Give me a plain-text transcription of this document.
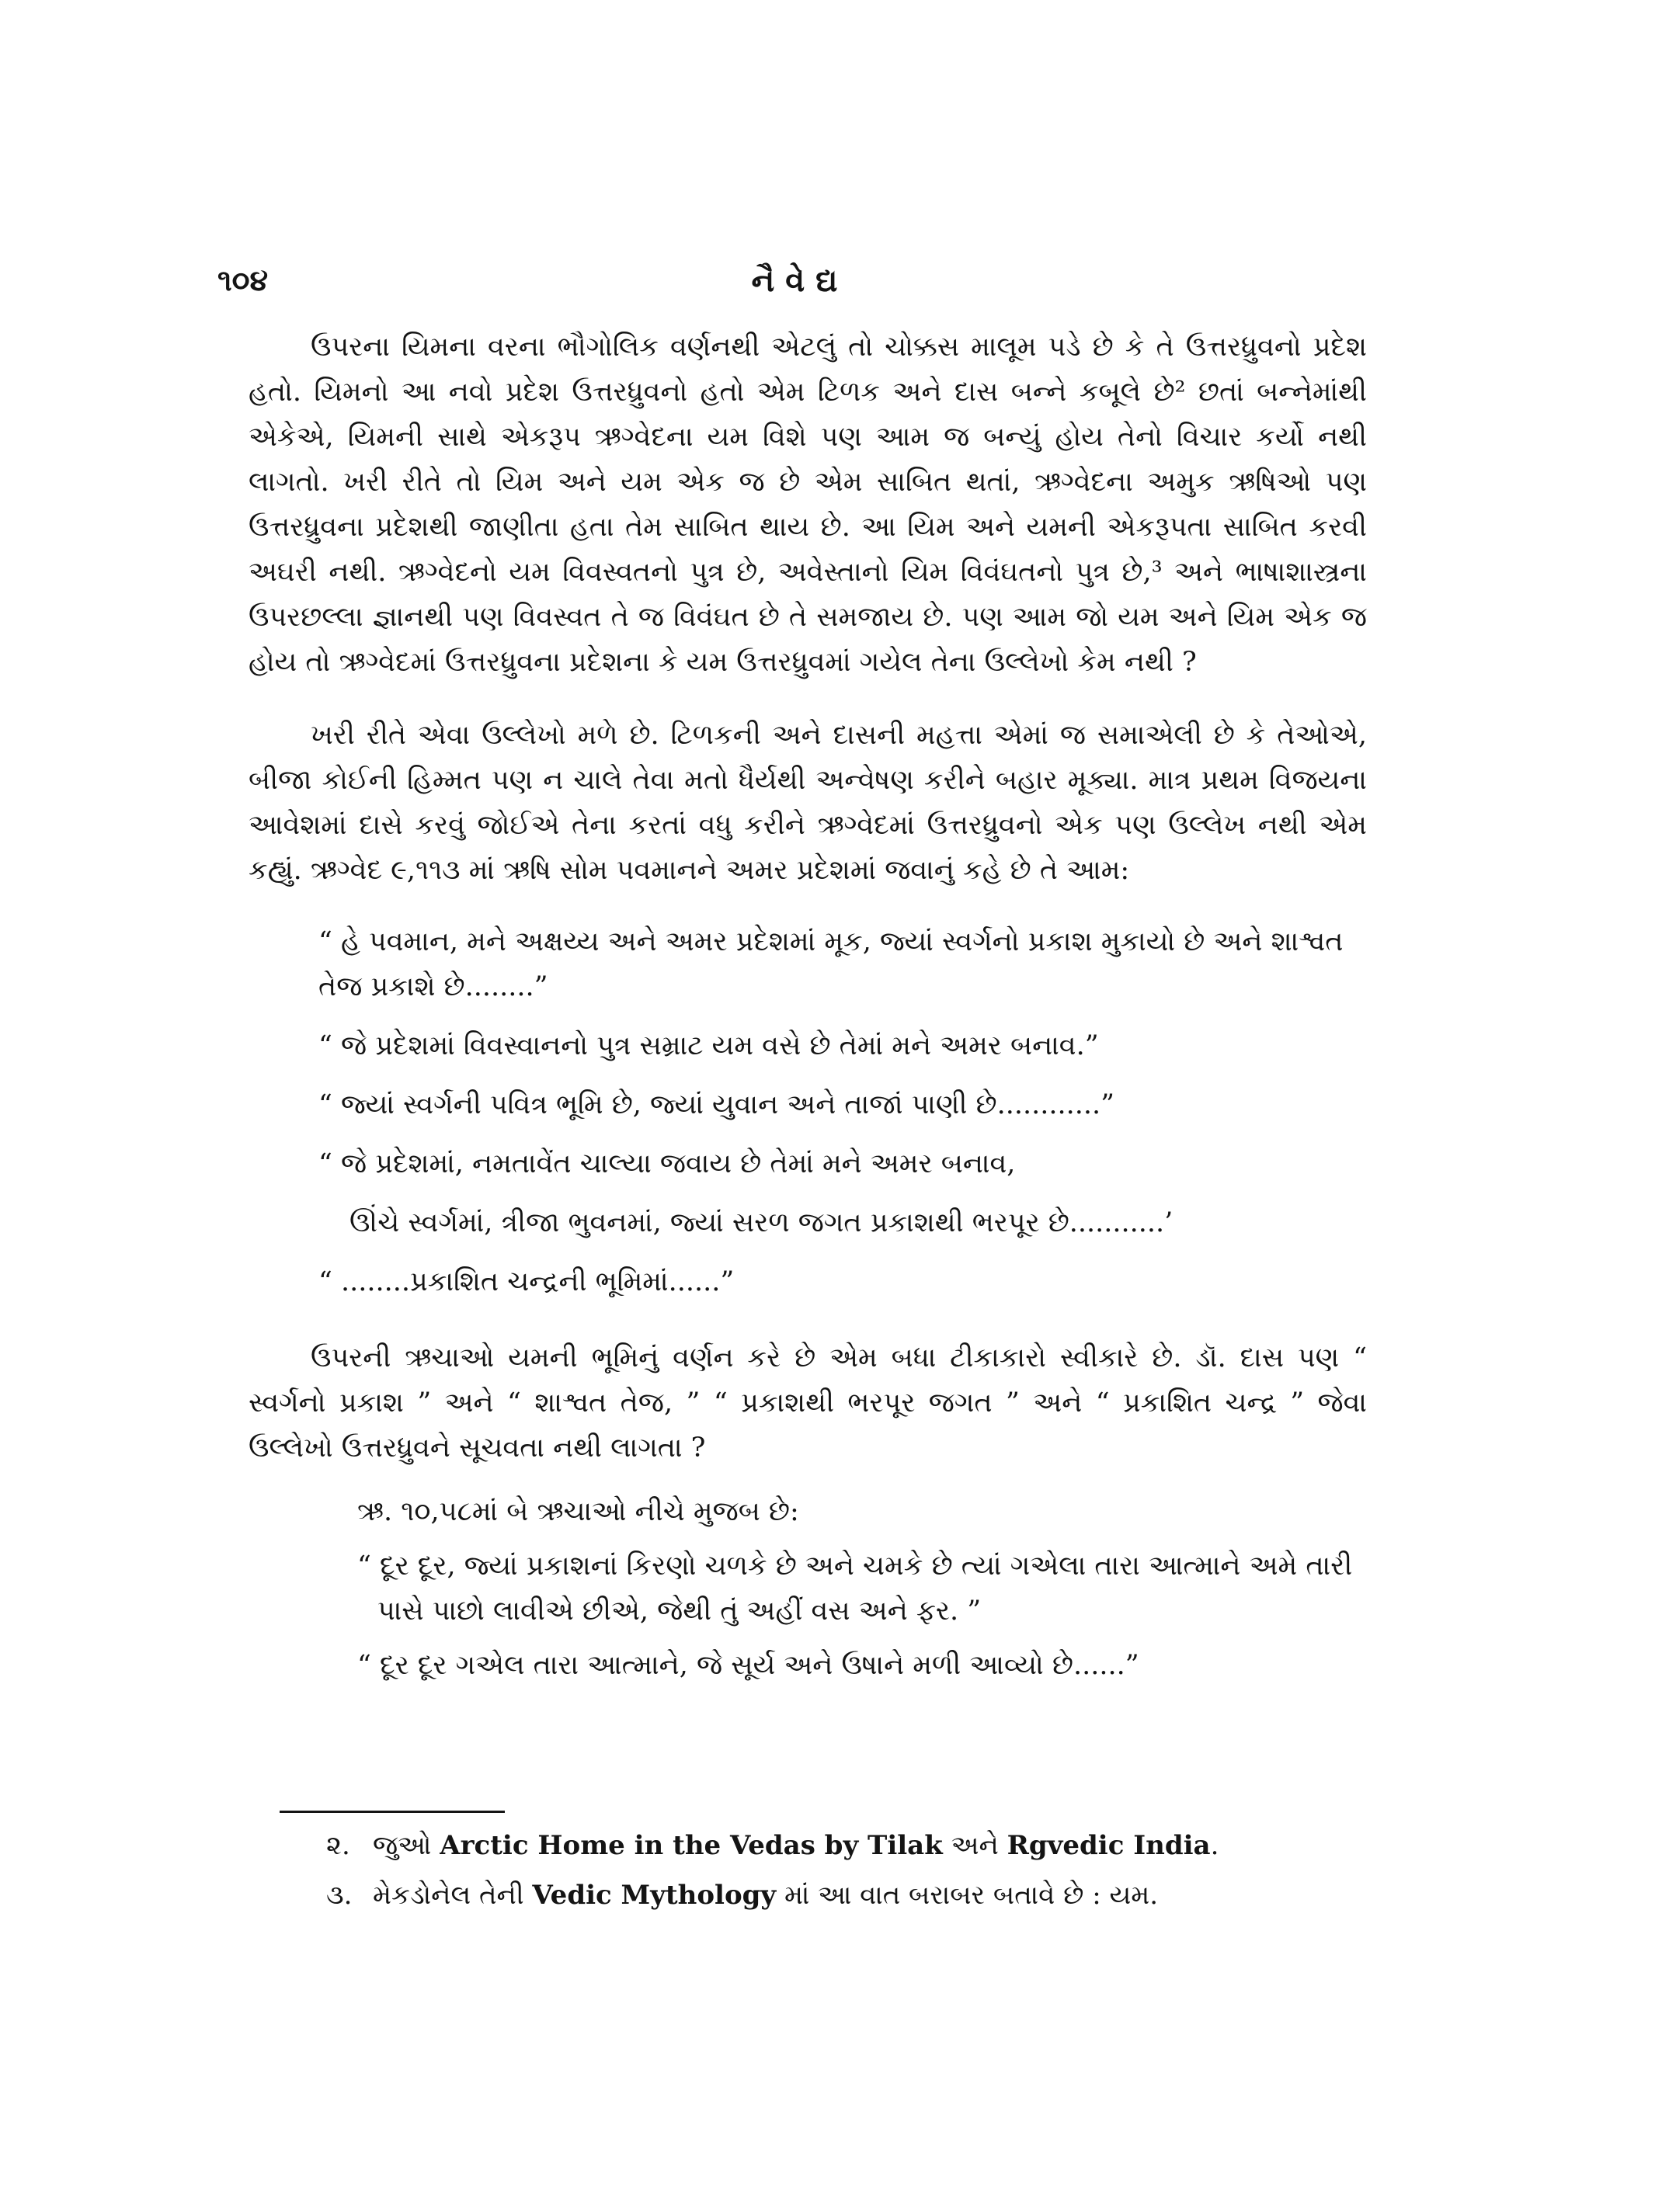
૧૦૪	નૈવેદ્ય

ઉપરના યિમના વરના ભૌગોલિક વર્ણનથી એટલું તો ચોક્કસ માલૂમ પડે છે કે તે ઉત્તરધ્રુવનો પ્રદેશ હતો. યિમનો આ નવો પ્રદેશ ઉત્તરધ્રુવનો હતો એમ ટિળક અને દાસ બન્ને કબૂલે છે² છતાં બન્નેમાંથી એકેએ, યિમની સાથે એકરૂપ ઋગ્વેદના યમ વિશે પણ આમ જ બન્યું હોય તેનો વિચાર કર્યો નથી લાગતો. ખરી રીતે તો યિમ અને યમ એક જ છે એમ સાબિત થતાં, ઋગ્વેદના અમુક ઋષિઓ પણ ઉત્તરધ્રુવના પ્રદેશથી જાણીતા હતા તેમ સાબિત થાય છે. આ યિમ અને યમની એકરૂપતા સાબિત કરવી અઘરી નથી. ઋગ્વેદનો યમ વિવસ્વતનો પુત્ર છે, અવેસ્તાનો યિમ વિવંઘતનો પુત્ર છે,³ અને ભાષાશાસ્ત્રના ઉપરછલ્લા જ્ઞાનથી પણ વિવસ્વત તે જ વિવંઘત છે તે સમજાય છે. પણ આમ જો યમ અને યિમ એક જ હોય તો ઋગ્વેદમાં ઉત્તરધ્રુવના પ્રદેશના કે યમ ઉત્તરધ્રુવમાં ગયેલ તેના ઉલ્લેખો કેમ નથી ?

ખરી રીતે એવા ઉલ્લેખો મળે છે. ટિળકની અને દાસની મહત્તા એમાં જ સમાએલી છે કે તેઓએ, બીજા કોઈની હિમ્મત પણ ન ચાલે તેવા મતો ધૈર્યથી અન્વેષણ કરીને બહાર મૂક્યા. માત્ર પ્રથમ વિજયના આવેશમાં દાસે કરવું જોઈએ તેના કરતાં વધુ કરીને ઋગ્વેદમાં ઉત્તરધ્રુવનો એક પણ ઉલ્લેખ નથી એમ કહ્યું. ઋગ્વેદ ૯,૧૧૩ માં ઋષિ સોમ પવમાનને અમર પ્રદેશમાં જવાનું કહે છે તે આમ:

“ હે પવમાન, મને અક્ષય્ય અને અમર પ્રદેશમાં મૂક, જ્યાં સ્વર્ગનો પ્રકાશ મુકાયો છે અને શાશ્વત તેજ પ્રકાશે છે........”

“ જે પ્રદેશમાં વિવસ્વાનનો પુત્ર સમ્રાટ યમ વસે છે તેમાં મને અમર બનાવ.”

“ જ્યાં સ્વર્ગની પવિત્ર ભૂમિ છે, જ્યાં યુવાન અને તાજાં પાણી છે............”

“ જે પ્રદેશમાં, નમતાવેંત ચાલ્યા જવાય છે તેમાં મને અમર બનાવ,

ઊંચે સ્વર્ગમાં, ત્રીજા ભુવનમાં, જ્યાં સરળ જગત પ્રકાશથી ભરપૂર છે...........’

“ ........પ્રકાશિત ચન્દ્રની ભૂમિમાં......”

ઉપરની ઋચાઓ યમની ભૂમિનું વર્ણન કરે છે એમ બધા ટીકાકારો સ્વીકારે છે. ડૉ. દાસ પણ “ સ્વર્ગનો પ્રકાશ ” અને “ શાશ્વત તેજ, ” “ પ્રકાશથી ભરપૂર જગત ” અને “ પ્રકાશિત ચન્દ્ર ” જેવા ઉલ્લેખો ઉત્તરધ્રુવને સૂચવતા નથી લાગતા ?

ઋ. ૧૦,૫૮માં બે ઋચાઓ નીચે મુજબ છે:

“ દૂર દૂર, જ્યાં પ્રકાશનાં કિરણો ચળકે છે અને ચમકે છે ત્યાં ગએલા તારા આત્માને અમે તારી પાસે પાછો લાવીએ છીએ, જેથી તું અહીં વસ અને ફર. ”

“ દૂર દૂર ગએલ તારા આત્માને, જે સૂર્ય અને ઉષાને મળી આવ્યો છે......”

૨. જુઓ Arctic Home in the Vedas by Tilak અને Rgvedic India.

૩. મેકડોનેલ તેની Vedic Mythology માં આ વાત બરાબર બતાવે છે : યમ.
